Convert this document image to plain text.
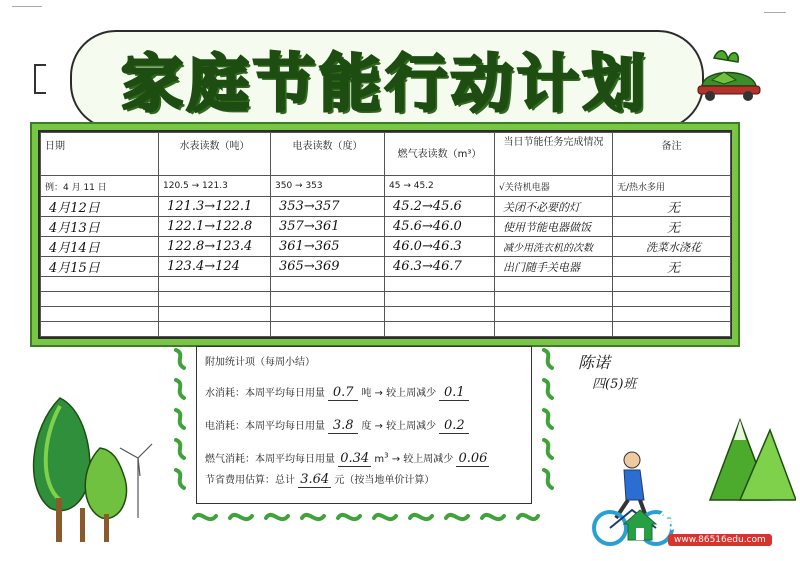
家庭节能行动计划
日期	水表读数（吨）	电表读数（度）	燃气表读数（m³）	当日节能任务完成情况	备注
例：4 月 11 日	120.5 → 121.3	350 → 353	45 → 45.2	√关待机电器	无/热水多用
4月12日	121.3→122.1	353→357	45.2→45.6	关闭不必要的灯	无
4月13日	122.1→122.8	357→361	45.6→46.0	使用节能电器做饭	无
4月14日	122.8→123.4	361→365	46.0→46.3	减少用洗衣机的次数	洗菜水浇花
4月15日	123.4→124	365→369	46.3→46.7	出门随手关电器	无

附加统计项（每周小结）
水消耗：本周平均每日用量 0.7 吨 → 较上周减少 0.1
电消耗：本周平均每日用量 3.8 度 → 较上周减少 0.2
燃气消耗：本周平均每日用量 0.34 $m^3$ → 较上周减少 0.06
节省费用估算：总计 3.64 元（按当地单价计算）
陈诺
四(5)班
徐州教育在线
www.86516edu.com
